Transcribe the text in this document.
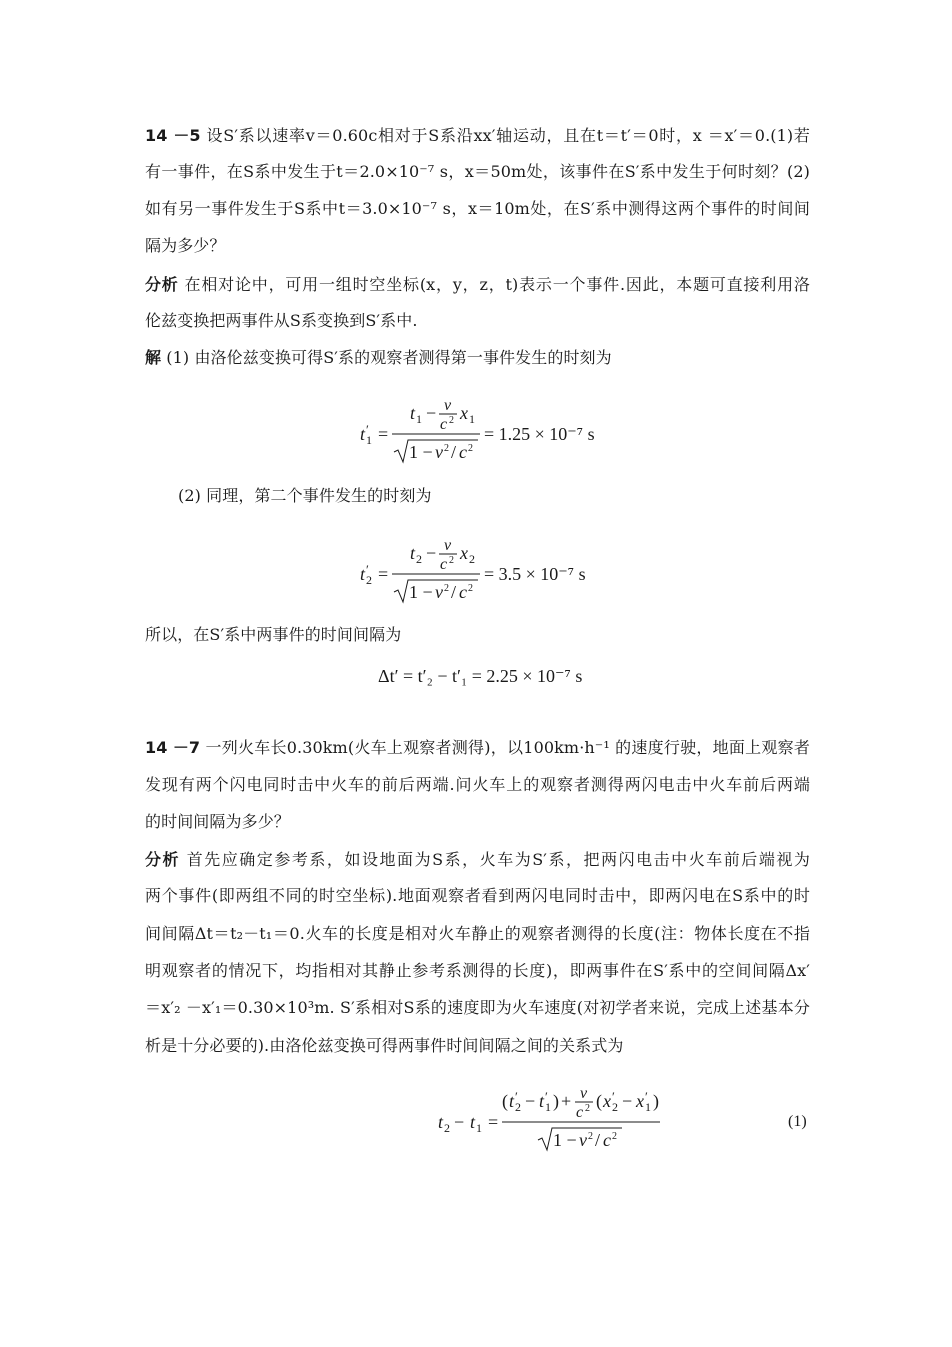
14 －5 设S′系以速率v＝0.60c相对于S系沿xx′轴运动，且在t＝t′＝0时，x ＝x′＝0.(1)若
有一事件，在S系中发生于t＝2.0×10⁻⁷ s，x＝50m处，该事件在S′系中发生于何时刻？(2)
如有另一事件发生于S系中t＝3.0×10⁻⁷ s，x＝10m处，在S′系中测得这两个事件的时间间
隔为多少？
分析 在相对论中，可用一组时空坐标(x，y，z，t)表示一个事件.因此，本题可直接利用洛
伦兹变换把两事件从S系变换到S′系中.
解 (1) 由洛伦兹变换可得S′系的观察者测得第一事件发生的时刻为
t ′
1 =
t 1 − v
c 2 x 1
1 − v 2 / c 2
= 1.25 × 10⁻⁷ s
(2) 同理，第二个事件发生的时刻为
t ′
2 =
t 2 − v
c 2 x 2
1 − v 2 / c 2
= 3.5 × 10⁻⁷ s
所以，在S′系中两事件的时间间隔为
Δt′ = t′₂ − t′₁ = 2.25 × 10⁻⁷ s
14 －7 一列火车长0.30km(火车上观察者测得)，以100km·h⁻¹ 的速度行驶，地面上观察者
发现有两个闪电同时击中火车的前后两端.问火车上的观察者测得两闪电击中火车前后两端
的时间间隔为多少？
分析 首先应确定参考系，如设地面为S系，火车为S′系，把两闪电击中火车前后端视为
两个事件(即两组不同的时空坐标).地面观察者看到两闪电同时击中，即两闪电在S系中的时
间间隔Δt＝t₂－t₁＝0.火车的长度是相对火车静止的观察者测得的长度(注：物体长度在不指
明观察者的情况下，均指相对其静止参考系测得的长度)，即两事件在S′系中的空间间隔Δx′
＝x′₂ －x′₁＝0.30×10³m. S′系相对S系的速度即为火车速度(对初学者来说，完成上述基本分
析是十分必要的).由洛伦兹变换可得两事件时间间隔之间的关系式为
t 2 − t 1 =
( t ′
2 − t ′
1 ) + v
c 2 ( x ′
2 − x ′
1 )
1 − v 2 / c 2
(1)
